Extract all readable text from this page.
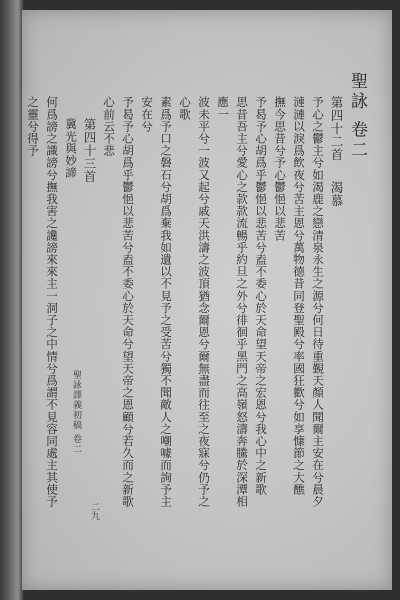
聖詠 卷二
第四十二首渴慕
予心之鬱主兮如渴鹿之戀清泉永生之源兮何日待重覲天顏人聞爾主安在兮晨夕
漣漣以淚爲飲夜兮苦主恩兮萬物德昔同登聖殿兮率國狂歡兮如享慷節之大醮
撫今思昔兮予心鬱悒以悲苦
予曷予心胡爲乎鬱悒以悲苦兮盍不委心於天命望天帝之宏恩兮我心中之新歌
思昔吾主兮愛心之款款流暢乎約旦之外兮徘徊乎黑門之高嶺怒濤奔騰於深潭相應一
波未平兮一波又起兮戚天洪濤之波頂猶念爾恩兮爾無盡而往至之夜寐兮仍予之心歌
素爲予口之磐石兮胡爲棄我如遺以不見予之受苦兮獨不聞敵人之嘲噱而詢予主安在兮
予曷予心胡爲乎鬱悒以悲苦兮盍不委心於天命兮望天帝之恩顧兮若久而之新歌
心前云不悲
第四十三首
冀光與妙諦
何爲謗之識謗兮撫我害之讒謗來來主一洞子之中情兮爲謂不見容同處主其使予之靈兮得予
聖詠譯義初稿 卷二
二九
